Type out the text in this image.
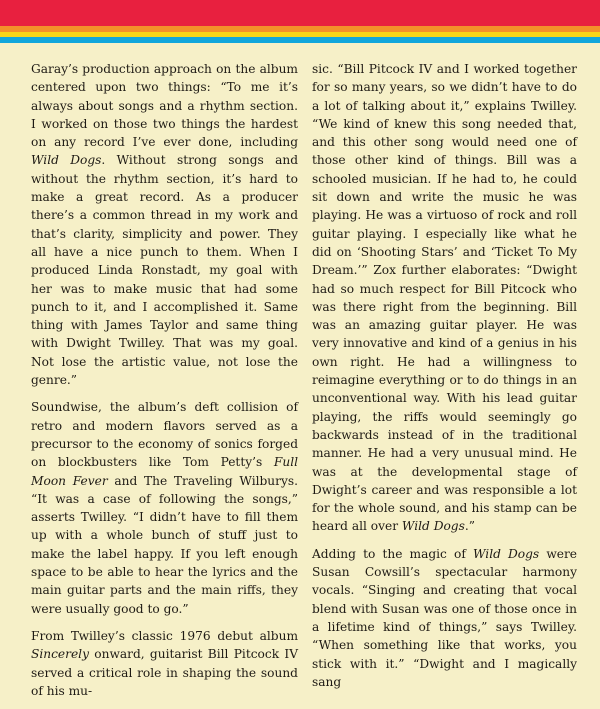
Garay’s production approach on the album centered upon two things: “To me it’s always about songs and a rhythm section. I worked on those two things the hardest on any record I’ve ever done, including Wild Dogs. Without strong songs and without the rhythm section, it’s hard to make a great record. As a producer there’s a common thread in my work and that’s clarity, simplicity and power. They all have a nice punch to them. When I produced Linda Ronstadt, my goal with her was to make music that had some punch to it, and I accomplished it. Same thing with James Taylor and same thing with Dwight Twilley. That was my goal. Not lose the artistic value, not lose the genre.”

Soundwise, the album’s deft collision of retro and modern flavors served as a precursor to the economy of sonics forged on blockbusters like Tom Petty’s Full Moon Fever and The Traveling Wilburys. “It was a case of following the songs,” asserts Twilley. “I didn’t have to fill them up with a whole bunch of stuff just to make the label happy. If you left enough space to be able to hear the lyrics and the main guitar parts and the main riffs, they were usually good to go.”

From Twilley’s classic 1976 debut album Sincerely onward, guitarist Bill Pitcock IV served a critical role in shaping the sound of his mu-

sic. “Bill Pitcock IV and I worked together for so many years, so we didn’t have to do a lot of talking about it,” explains Twilley. “We kind of knew this song needed that, and this other song would need one of those other kind of things. Bill was a schooled musician. If he had to, he could sit down and write the music he was playing. He was a virtuoso of rock and roll guitar playing. I especially like what he did on ‘Shooting Stars’ and ‘Ticket To My Dream.’” Zox further elaborates: “Dwight had so much respect for Bill Pitcock who was there right from the beginning. Bill was an amazing guitar player. He was very innovative and kind of a genius in his own right. He had a willingness to reimagine everything or to do things in an unconventional way. With his lead guitar playing, the riffs would seemingly go backwards instead of in the traditional manner. He had a very unusual mind. He was at the developmental stage of Dwight’s career and was responsible a lot for the whole sound, and his stamp can be heard all over Wild Dogs.”

Adding to the magic of Wild Dogs were Susan Cowsill’s spectacular harmony vocals. “Singing and creating that vocal blend with Susan was one of those once in a lifetime kind of things,” says Twilley. “When something like that works, you stick with it.” “Dwight and I magically sang
